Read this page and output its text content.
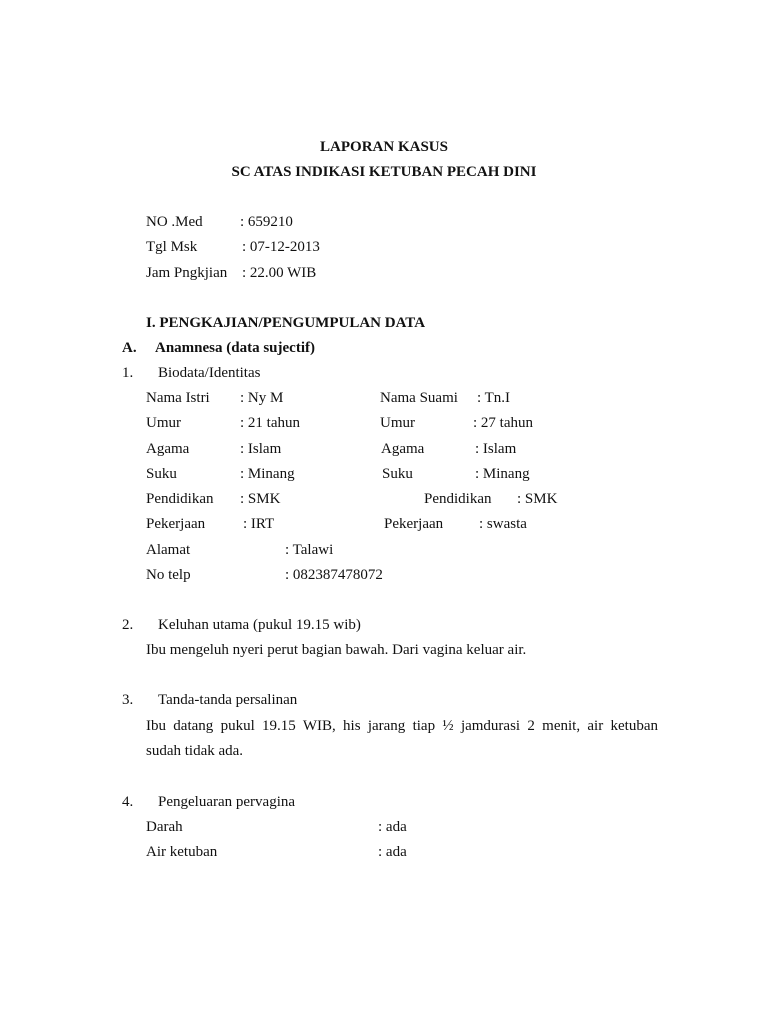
LAPORAN KASUS
SC ATAS INDIKASI KETUBAN PECAH DINI
NO .Med : 659210
Tgl Msk	: 07-12-2013
Jam Pngkjian : 22.00 WIB
I. PENGKAJIAN/PENGUMPULAN DATA
A. Anamnesa (data sujectif)
1. Biodata/Identitas
Nama Istri : Ny M	Nama Suami : Tn.I
Umur	: 21 tahun	Umur	: 27 tahun
Agama	: Islam	Agama	: Islam
Suku	: Minang	Suku	: Minang
Pendidikan : SMK	Pendidikan : SMK
Pekerjaan	: IRT	Pekerjaan : swasta
Alamat	: Talawi
No telp	: 082387478072
2. Keluhan utama (pukul 19.15 wib)
Ibu mengeluh nyeri perut bagian bawah. Dari vagina keluar air.
3. Tanda-tanda persalinan
Ibu datang pukul 19.15 WIB, his jarang tiap ½ jamdurasi 2 menit, air ketuban
sudah tidak ada.
4. Pengeluaran pervagina
Darah	: ada
Air ketuban	: ada
